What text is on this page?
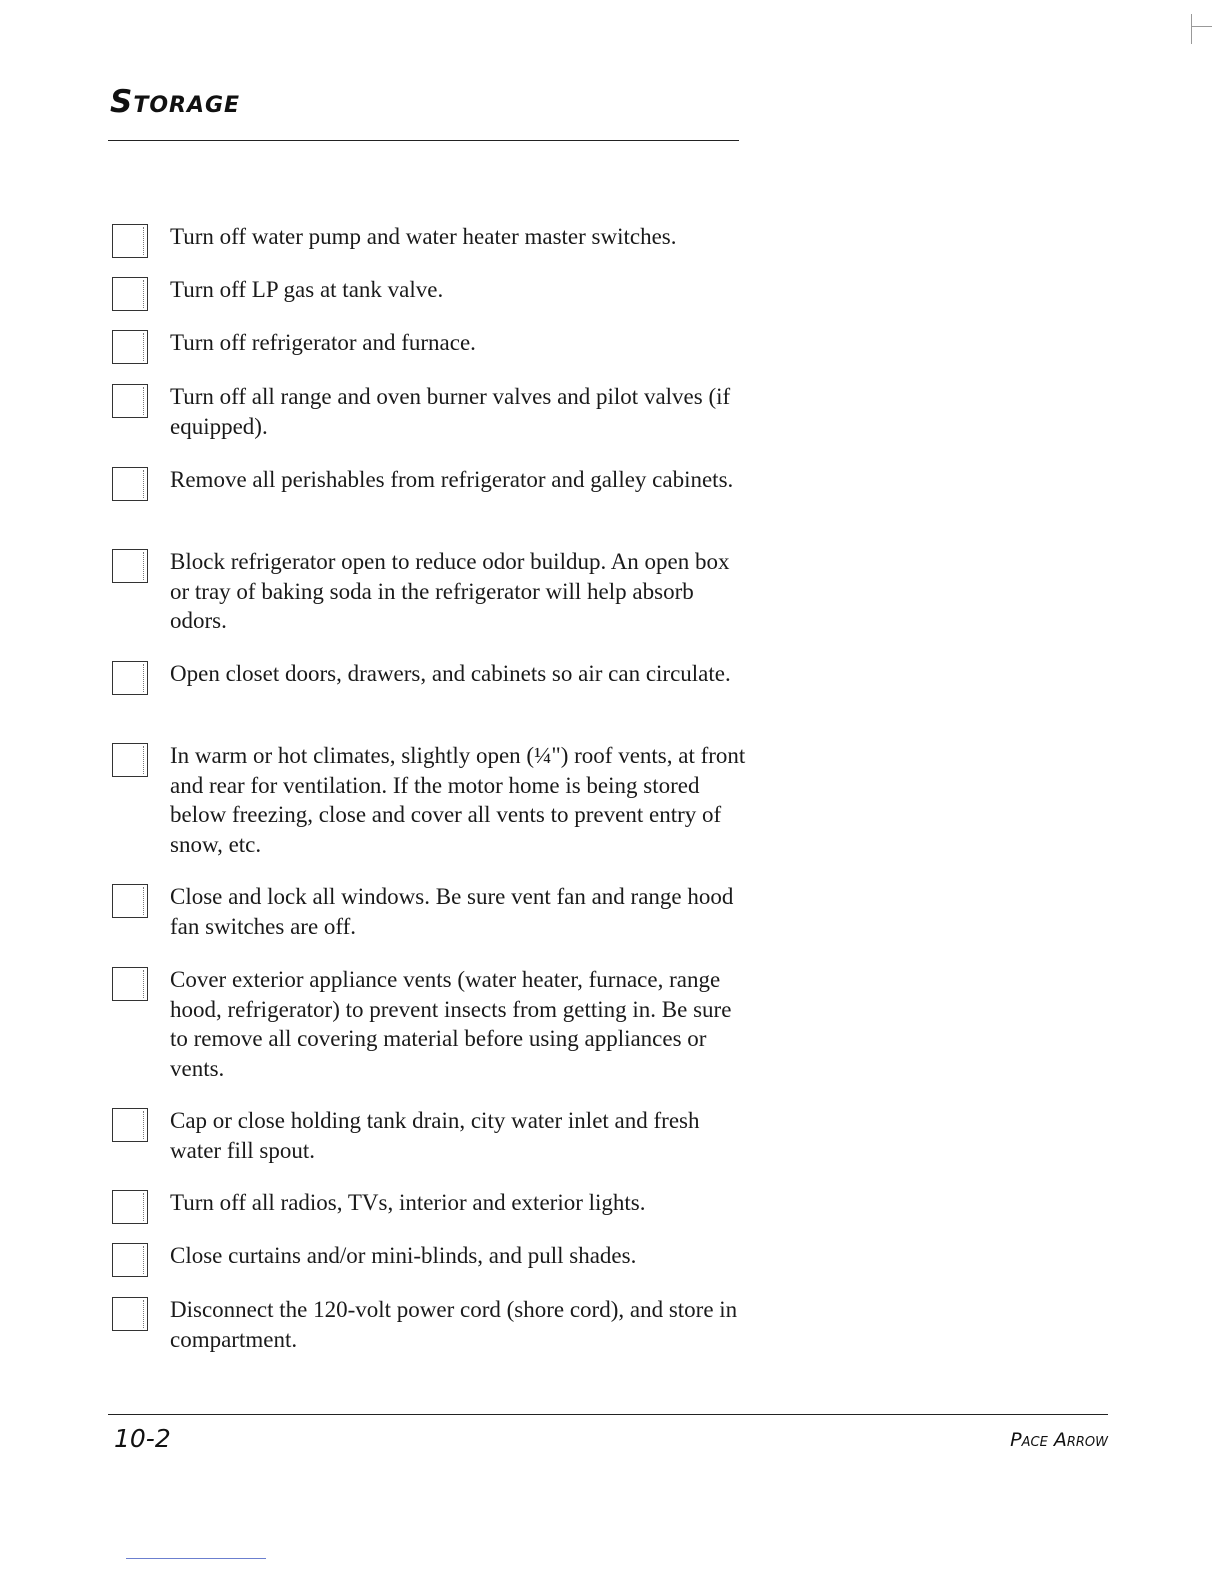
Storage
Turn off water pump and water heater master switches.
Turn off LP gas at tank valve.
Turn off refrigerator and furnace.
Turn off all range and oven burner valves and pilot valves (if equipped).
Remove all perishables from refrigerator and galley cabinets.
Block refrigerator open to reduce odor buildup. An open box or tray of baking soda in the refrigerator will help absorb odors.
Open closet doors, drawers, and cabinets so air can circulate.
In warm or hot climates, slightly open (¼") roof vents, at front and rear for ventilation. If the motor home is being stored below freezing, close and cover all vents to prevent entry of snow, etc.
Close and lock all windows. Be sure vent fan and range hood fan switches are off.
Cover exterior appliance vents (water heater, furnace, range hood, refrigerator) to prevent insects from getting in. Be sure to remove all covering material before using appliances or vents.
Cap or close holding tank drain, city water inlet and fresh water fill spout.
Turn off all radios, TVs, interior and exterior lights.
Close curtains and/or mini-blinds, and pull shades.
Disconnect the 120-volt power cord (shore cord), and store in compartment.
10-2	Pace Arrow
